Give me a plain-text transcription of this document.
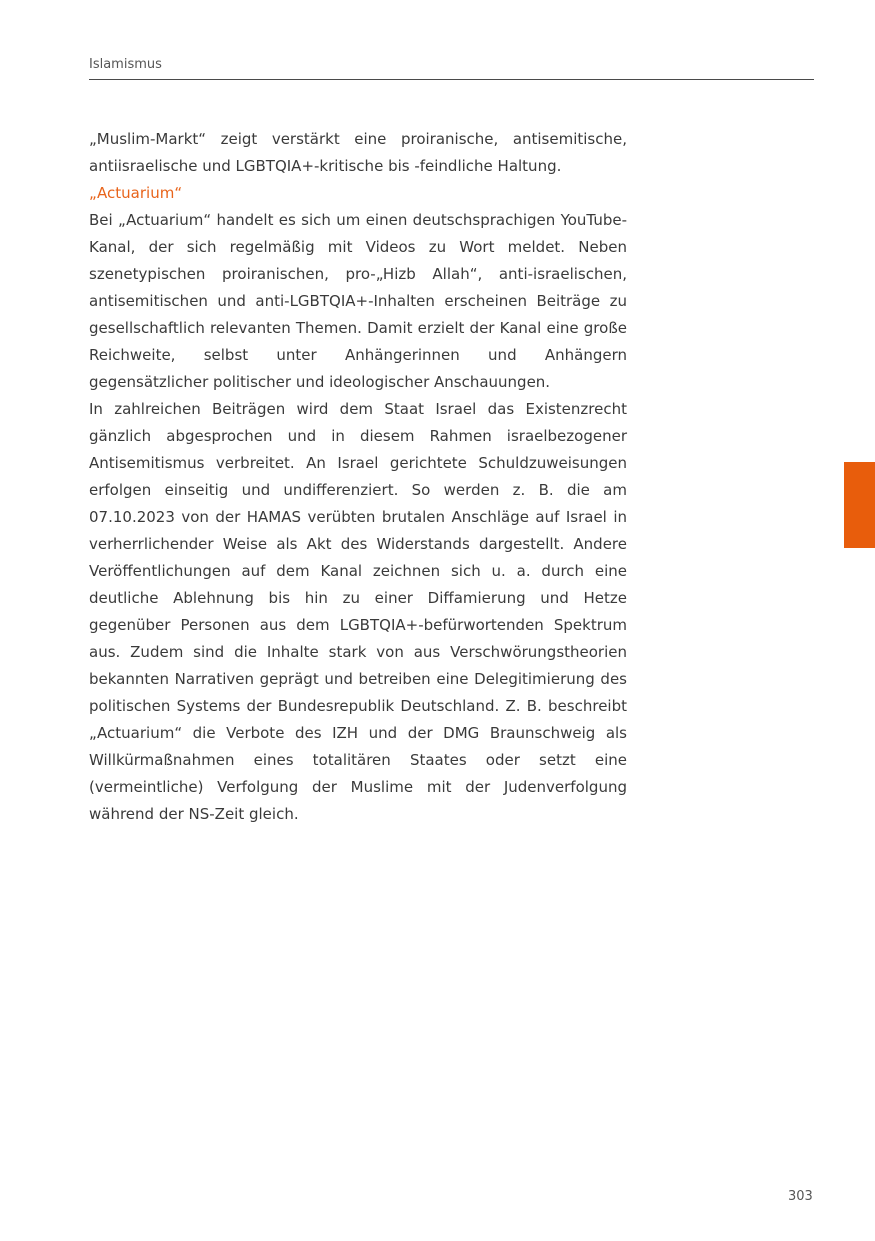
Islamismus

„Muslim-Markt“ zeigt verstärkt eine proiranische, antisemitische, antiisraelische und LGBTQIA+-kritische bis -feindliche Haltung.

„Actuarium“

Bei „Actuarium“ handelt es sich um einen deutschsprachigen YouTube-Kanal, der sich regelmäßig mit Videos zu Wort meldet. Neben szenetypischen proiranischen, pro-„Hizb Allah“, anti-israelischen, antisemitischen und anti-LGBTQIA+-Inhalten erscheinen Beiträge zu gesellschaftlich relevanten Themen. Damit erzielt der Kanal eine große Reichweite, selbst unter Anhängerinnen und Anhängern gegensätzlicher politischer und ideologischer Anschauungen.

In zahlreichen Beiträgen wird dem Staat Israel das Existenzrecht gänzlich abgesprochen und in diesem Rahmen israelbezogener Antisemitismus verbreitet. An Israel gerichtete Schuldzuweisungen erfolgen einseitig und undifferenziert. So werden z. B. die am 07.10.2023 von der HAMAS verübten brutalen Anschläge auf Israel in verherrlichender Weise als Akt des Widerstands dargestellt. Andere Veröffentlichungen auf dem Kanal zeichnen sich u. a. durch eine deutliche Ablehnung bis hin zu einer Diffamierung und Hetze gegenüber Personen aus dem LGBTQIA+-befürwortenden Spektrum aus. Zudem sind die Inhalte stark von aus Verschwörungstheorien bekannten Narrativen geprägt und betreiben eine Delegitimierung des politischen Systems der Bundesrepublik Deutschland. Z. B. beschreibt „Actuarium“ die Verbote des IZH und der DMG Braunschweig als Willkürmaßnahmen eines totalitären Staates oder setzt eine (vermeintliche) Verfolgung der Muslime mit der Judenverfolgung während der NS-Zeit gleich.

303
